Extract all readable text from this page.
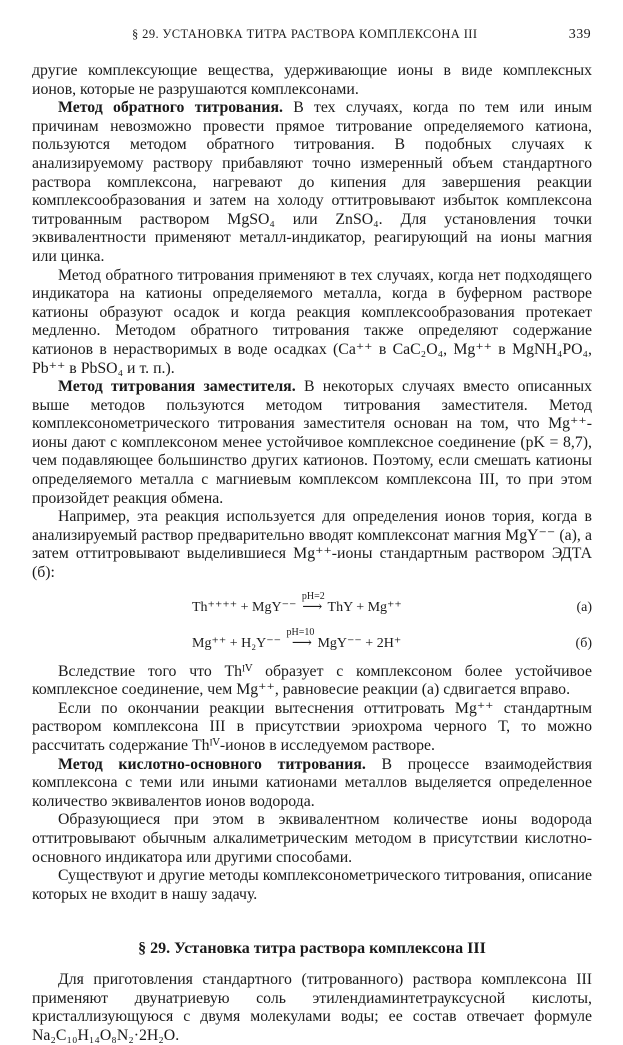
§ 29. УСТАНОВКА ТИТРА РАСТВОРА КОМПЛЕКСОНА III	339

другие комплексующие вещества, удерживающие ионы в виде комплексных ионов, которые не разрушаются комплексонами.

Метод обратного титрования. В тех случаях, когда по тем или иным причинам невозможно провести прямое титрование определяемого катиона, пользуются методом обратного титрования. В подобных случаях к анализируемому раствору прибавляют точно измеренный объем стандартного раствора комплексона, нагревают до кипения для завершения реакции комплексообразования и затем на холоду оттитровывают избыток комплексона титрованным раствором MgSO₄ или ZnSO₄. Для установления точки эквивалентности применяют металл-индикатор, реагирующий на ионы магния или цинка.

Метод обратного титрования применяют в тех случаях, когда нет подходящего индикатора на катионы определяемого металла, когда в буферном растворе катионы образуют осадок и когда реакция комплексообразования протекает медленно. Методом обратного титрования также определяют содержание катионов в нерастворимых в воде осадках (Ca⁺⁺ в CaC₂O₄, Mg⁺⁺ в MgNH₄PO₄, Pb⁺⁺ в PbSO₄ и т. п.).

Метод титрования заместителя. В некоторых случаях вместо описанных выше методов пользуются методом титрования заместителя. Метод комплексонометрического титрования заместителя основан на том, что Mg⁺⁺-ионы дают с комплексоном менее устойчивое комплексное соединение (pK = 8,7), чем подавляющее большинство других катионов. Поэтому, если смешать катионы определяемого металла с магниевым комплексом комплексона III, то при этом произойдет реакция обмена.

Например, эта реакция используется для определения ионов тория, когда в анализируемый раствор предварительно вводят комплексонат магния MgY⁻⁻ (а), а затем оттитровывают выделившиеся Mg⁺⁺-ионы стандартным раствором ЭДТА (б):

Th⁺⁺⁺⁺ + MgY⁻⁻ $^{pH=2}$ ⟶ ThY + Mg⁺⁺	(а)
Mg⁺⁺ + H₂Y⁻⁻ $^{pH=10}$ ⟶ MgY⁻⁻ + 2H⁺	(б)

Вследствие того что Thᴵⱽ образует с комплексоном более устойчивое комплексное соединение, чем Mg⁺⁺, равновесие реакции (а) сдвигается вправо.

Если по окончании реакции вытеснения оттитровать Mg⁺⁺ стандартным раствором комплексона III в присутствии эриохрома черного Т, то можно рассчитать содержание Thᴵⱽ-ионов в исследуемом растворе.

Метод кислотно-основного титрования. В процессе взаимодействия комплексона с теми или иными катионами металлов выделяется определенное количество эквивалентов ионов водорода.

Образующиеся при этом в эквивалентном количестве ионы водорода оттитровывают обычным алкалиметрическим методом в присутствии кислотно-основного индикатора или другими способами.

Существуют и другие методы комплексонометрического титрования, описание которых не входит в нашу задачу.

§ 29. Установка титра раствора комплексона III

Для приготовления стандартного (титрованного) раствора комплексона III применяют двунатриевую соль этилендиаминтетрауксусной кислоты, кристаллизующуюся с двумя молекулами воды; ее состав отвечает формуле Na₂C₁₀H₁₄O₈N₂·2H₂O.
